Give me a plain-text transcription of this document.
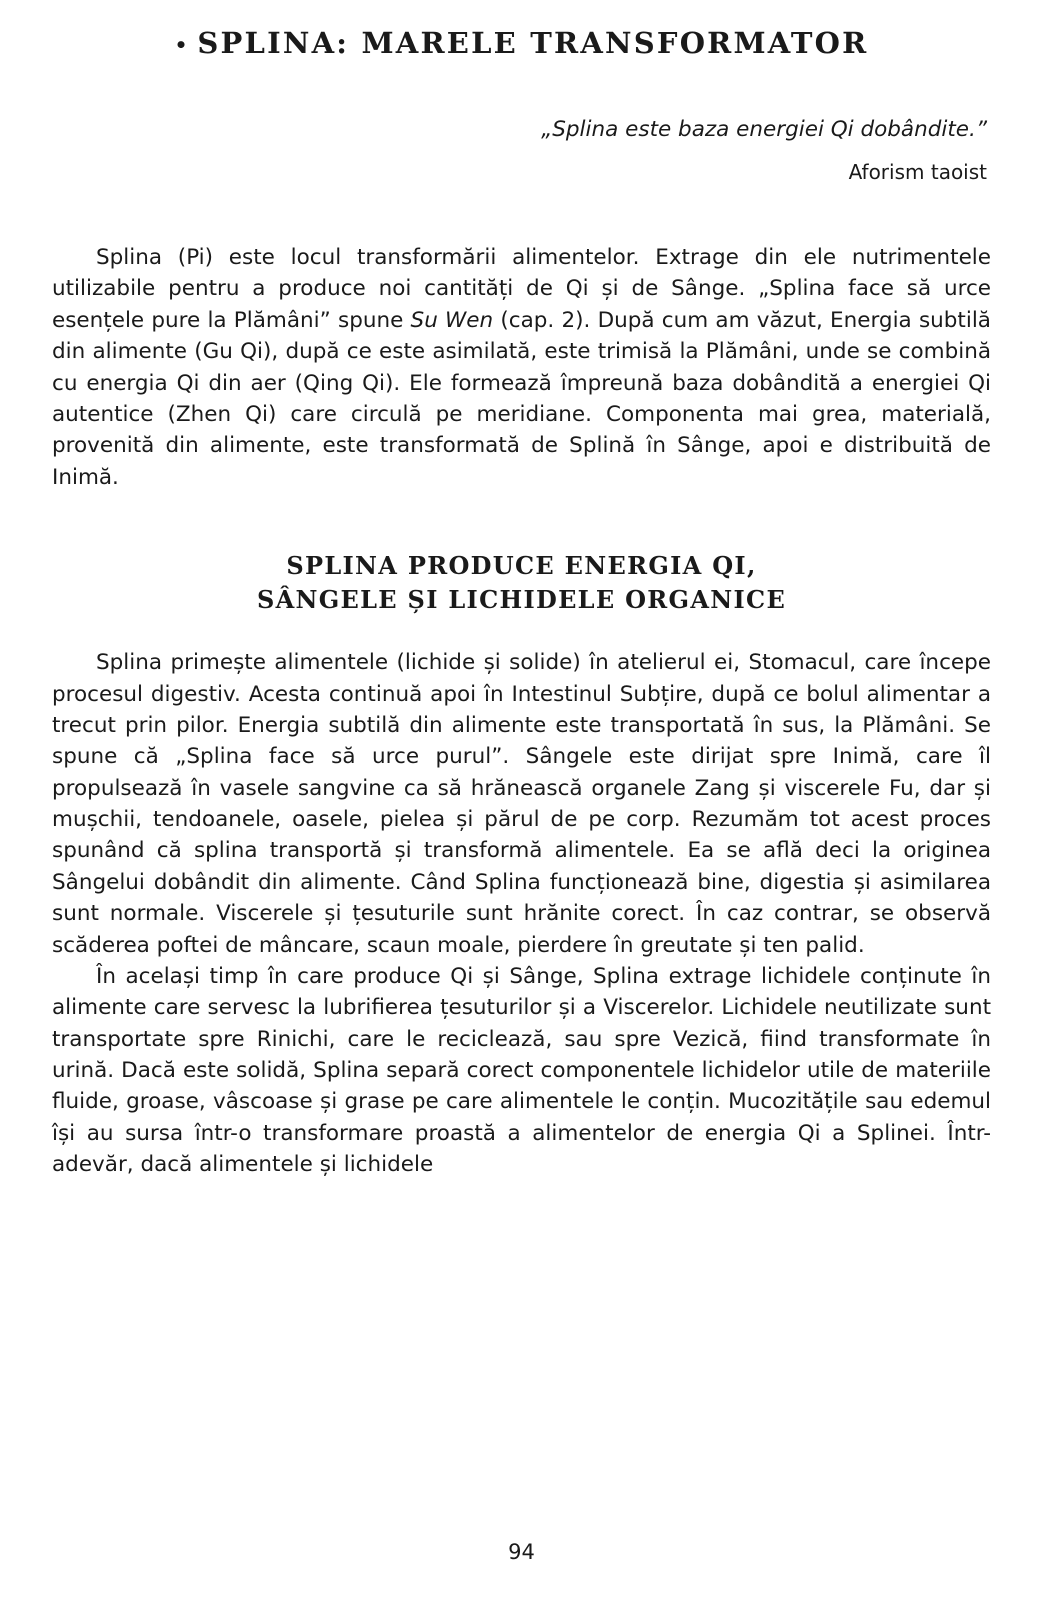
• SPLINA: MARELE TRANSFORMATOR
„Splina este baza energiei Qi dobândite.”
Aforism taoist

Splina (Pi) este locul transformării alimentelor. Extrage din ele nutrimentele utilizabile pentru a produce noi cantități de Qi și de Sânge. „Splina face să urce esențele pure la Plămâni” spune Su Wen (cap. 2). După cum am văzut, Energia subtilă din alimente (Gu Qi), după ce este asimilată, este trimisă la Plămâni, unde se combină cu energia Qi din aer (Qing Qi). Ele formează împreună baza dobândită a energiei Qi autentice (Zhen Qi) care circulă pe meridiane. Componenta mai grea, materială, provenită din alimente, este transformată de Splină în Sânge, apoi e distribuită de Inimă.

SPLINA PRODUCE ENERGIA QI,
SÂNGELE ȘI LICHIDELE ORGANICE

Splina primește alimentele (lichide și solide) în atelierul ei, Stomacul, care începe procesul digestiv. Acesta continuă apoi în Intestinul Subțire, după ce bolul alimentar a trecut prin pilor. Energia subtilă din alimente este transportată în sus, la Plămâni. Se spune că „Splina face să urce purul”. Sângele este dirijat spre Inimă, care îl propulsează în vasele sangvine ca să hrănească organele Zang și viscerele Fu, dar și mușchii, tendoanele, oasele, pielea și părul de pe corp. Rezumăm tot acest proces spunând că splina transportă și transformă alimentele. Ea se află deci la originea Sângelui dobândit din alimente. Când Splina funcționează bine, digestia și asimilarea sunt normale. Viscerele și țesuturile sunt hrănite corect. În caz contrar, se observă scăderea poftei de mâncare, scaun moale, pierdere în greutate și ten palid.

În același timp în care produce Qi și Sânge, Splina extrage lichidele conținute în alimente care servesc la lubrifierea țesuturilor și a Viscerelor. Lichidele neutilizate sunt transportate spre Rinichi, care le reciclează, sau spre Vezică, fiind transformate în urină. Dacă este solidă, Splina separă corect componentele lichidelor utile de materiile fluide, groase, vâscoase și grase pe care alimentele le conțin. Mucozitățile sau edemul își au sursa într-o transformare proastă a alimentelor de energia Qi a Splinei. Într-adevăr, dacă alimentele și lichidele

94
